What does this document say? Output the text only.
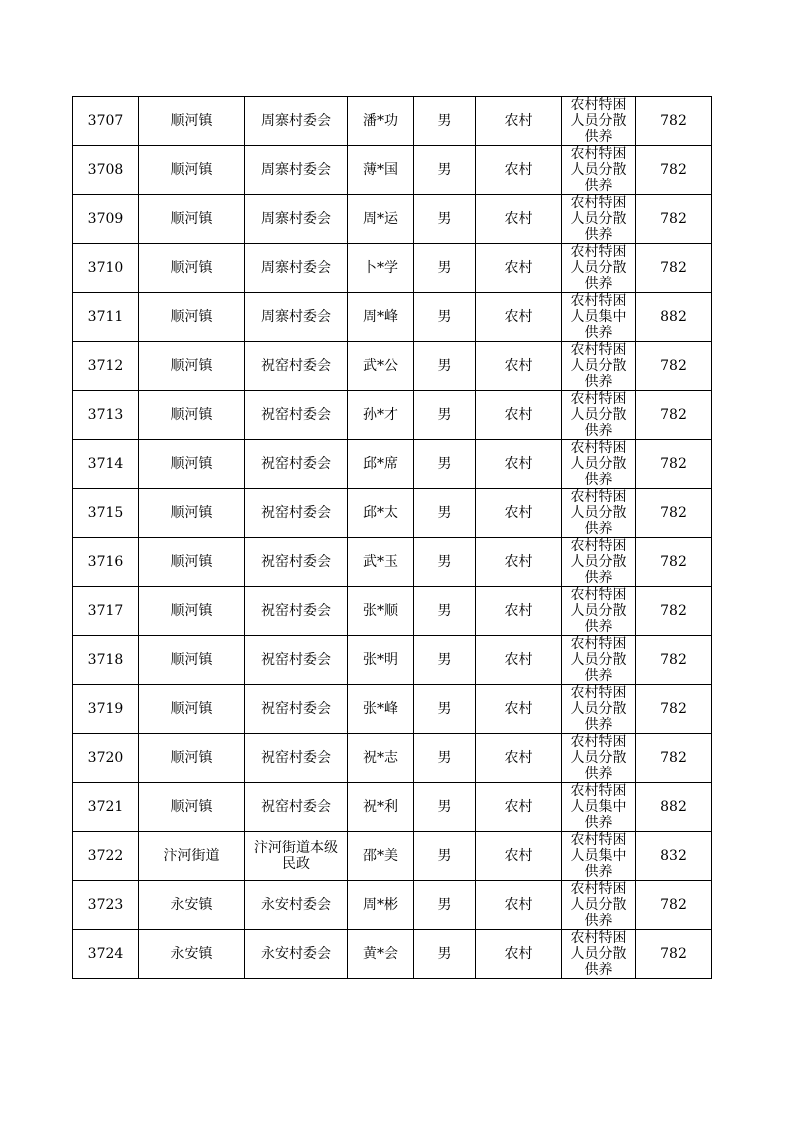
3707	顺河镇	周寨村委会	潘*功	男	农村	农村特困人员分散供养	782
3708	顺河镇	周寨村委会	薄*国	男	农村	农村特困人员分散供养	782
3709	顺河镇	周寨村委会	周*运	男	农村	农村特困人员分散供养	782
3710	顺河镇	周寨村委会	卜*学	男	农村	农村特困人员分散供养	782
3711	顺河镇	周寨村委会	周*峰	男	农村	农村特困人员集中供养	882
3712	顺河镇	祝窑村委会	武*公	男	农村	农村特困人员分散供养	782
3713	顺河镇	祝窑村委会	孙*才	男	农村	农村特困人员分散供养	782
3714	顺河镇	祝窑村委会	邱*席	男	农村	农村特困人员分散供养	782
3715	顺河镇	祝窑村委会	邱*太	男	农村	农村特困人员分散供养	782
3716	顺河镇	祝窑村委会	武*玉	男	农村	农村特困人员分散供养	782
3717	顺河镇	祝窑村委会	张*顺	男	农村	农村特困人员分散供养	782
3718	顺河镇	祝窑村委会	张*明	男	农村	农村特困人员分散供养	782
3719	顺河镇	祝窑村委会	张*峰	男	农村	农村特困人员分散供养	782
3720	顺河镇	祝窑村委会	祝*志	男	农村	农村特困人员分散供养	782
3721	顺河镇	祝窑村委会	祝*利	男	农村	农村特困人员集中供养	882
3722	汴河街道	汴河街道本级民政	邵*美	男	农村	农村特困人员集中供养	832
3723	永安镇	永安村委会	周*彬	男	农村	农村特困人员分散供养	782
3724	永安镇	永安村委会	黄*会	男	农村	农村特困人员分散供养	782
